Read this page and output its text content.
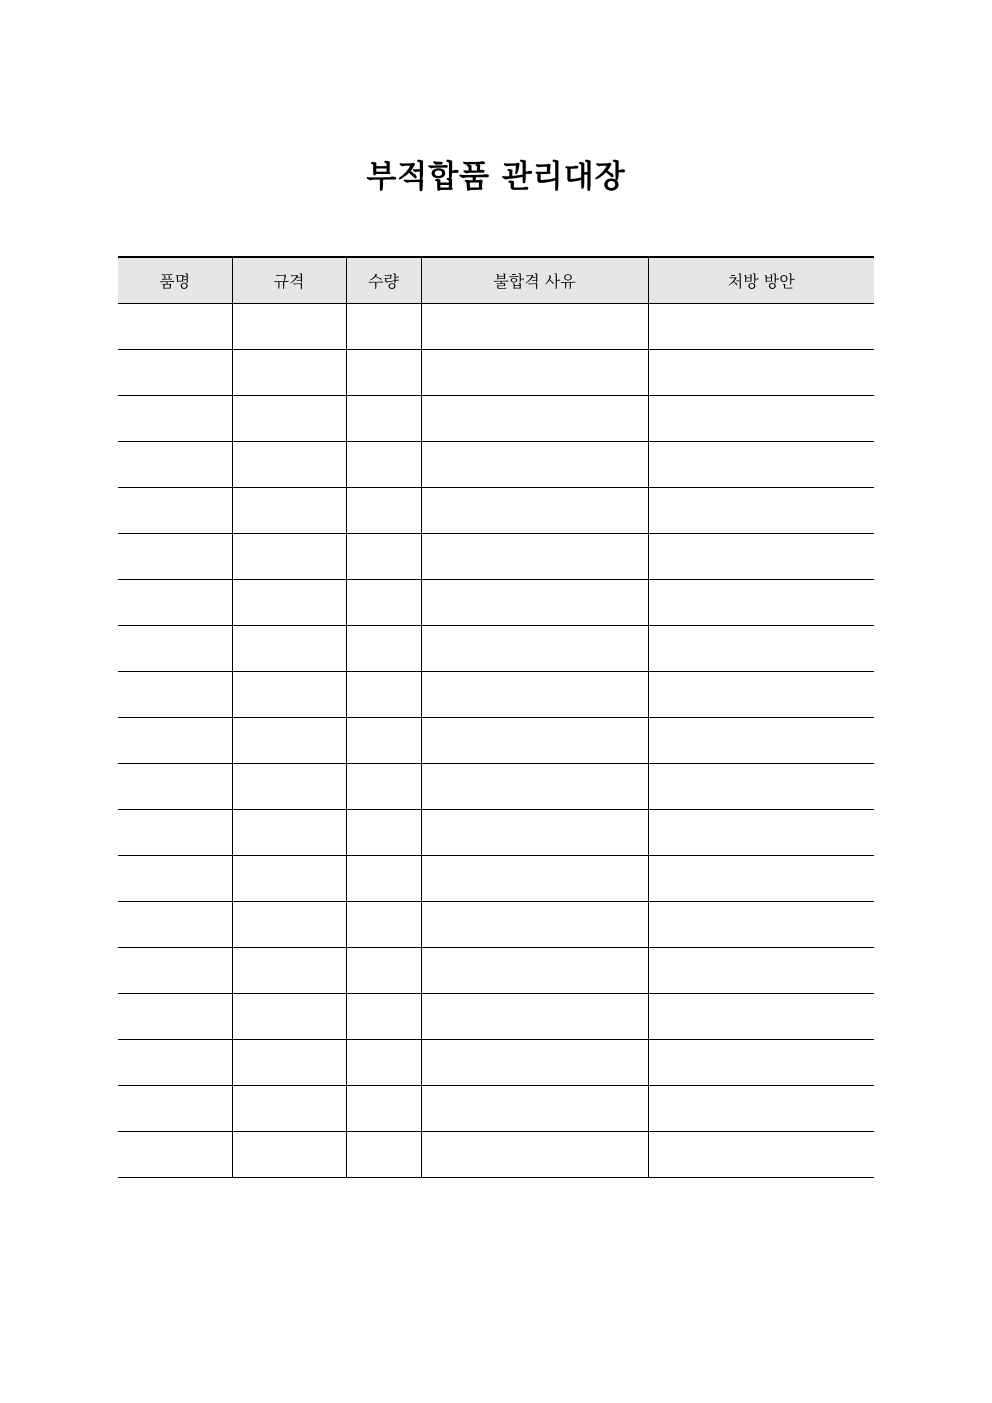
부적합품 관리대장
품명	규격	수량	불합격 사유	처방 방안
